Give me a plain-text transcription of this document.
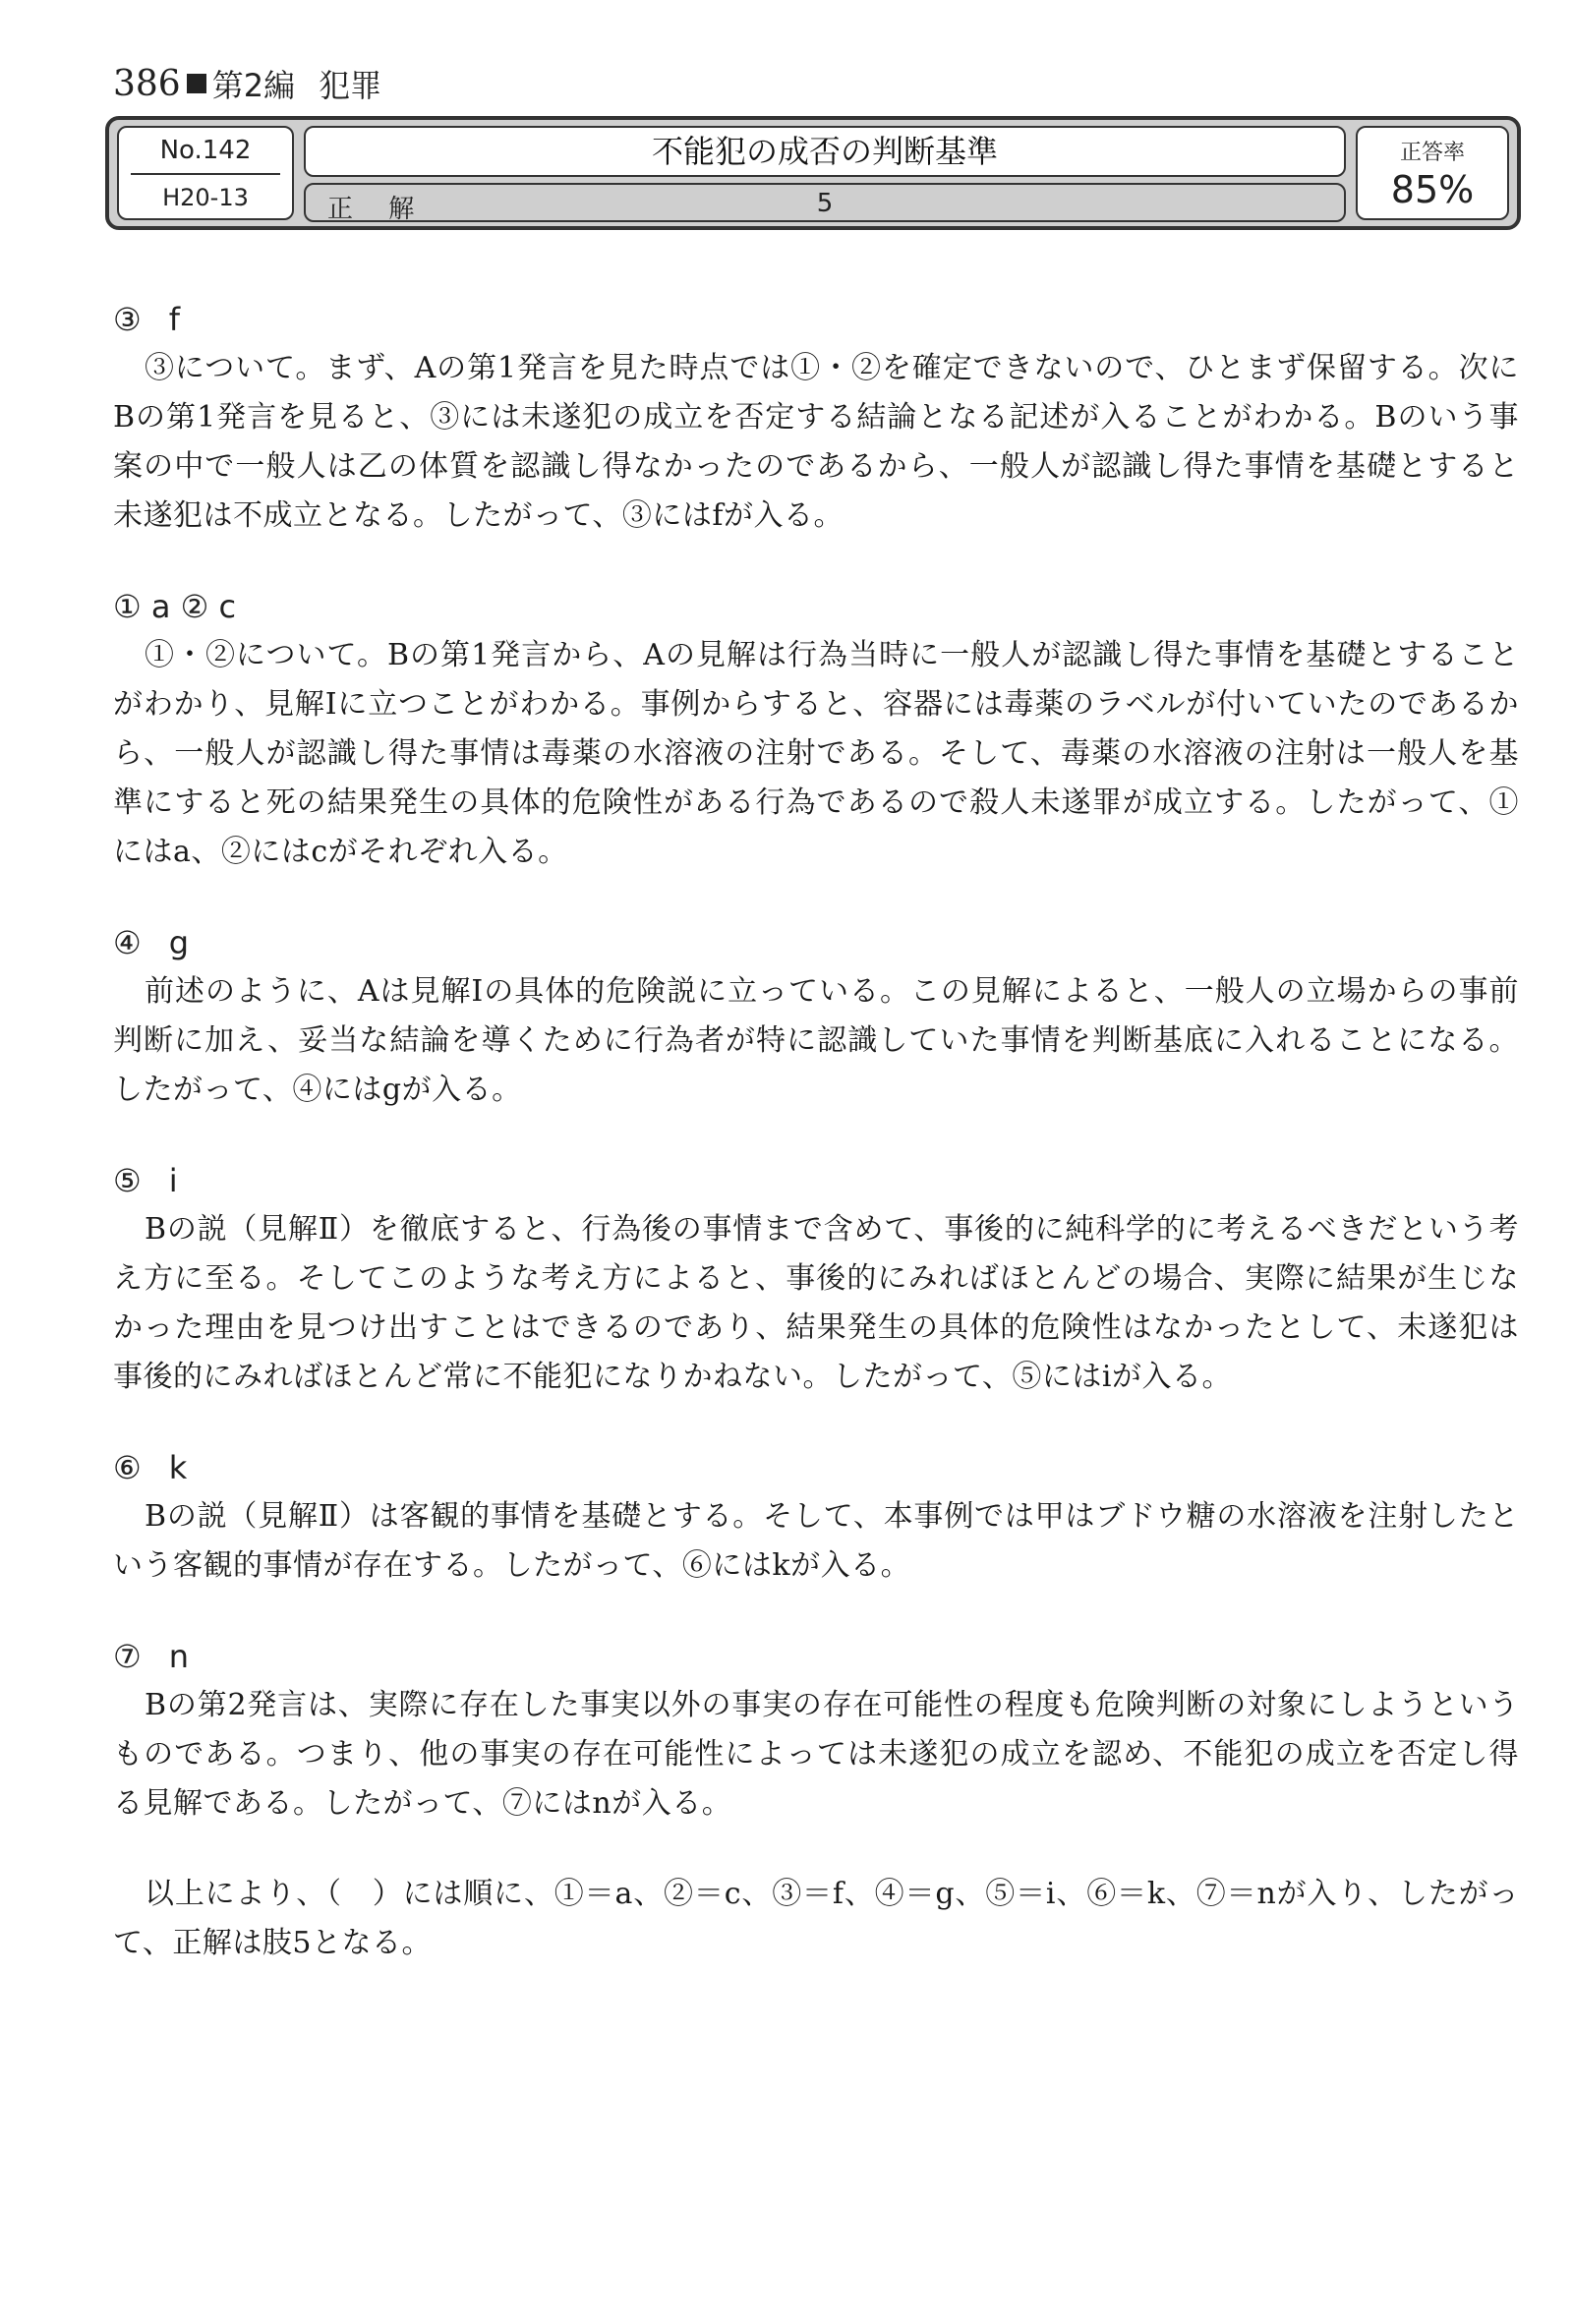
386 第2編 犯罪
No.142
H20-13
不能犯の成否の判断基準
正 解	5
正答率
85%
③ f

③について。まず、Aの第1発言を見た時点では①・②を確定できないので、ひとまず保留する。次にBの第1発言を見ると、③には未遂犯の成立を否定する結論となる記述が入ることがわかる。Bのいう事案の中で一般人は乙の体質を認識し得なかったのであるから、一般人が認識し得た事情を基礎とすると未遂犯は不成立となる。したがって、③にはfが入る。

① a ② c

①・②について。Bの第1発言から、Aの見解は行為当時に一般人が認識し得た事情を基礎とすることがわかり、見解Ⅰに立つことがわかる。事例からすると、容器には毒薬のラベルが付いていたのであるから、一般人が認識し得た事情は毒薬の水溶液の注射である。そして、毒薬の水溶液の注射は一般人を基準にすると死の結果発生の具体的危険性がある行為であるので殺人未遂罪が成立する。したがって、①にはa、②にはcがそれぞれ入る。

④ g

前述のように、Aは見解Ⅰの具体的危険説に立っている。この見解によると、一般人の立場からの事前判断に加え、妥当な結論を導くために行為者が特に認識していた事情を判断基底に入れることになる。したがって、④にはgが入る。

⑤ i

Bの説（見解Ⅱ）を徹底すると、行為後の事情まで含めて、事後的に純科学的に考えるべきだという考え方に至る。そしてこのような考え方によると、事後的にみればほとんどの場合、実際に結果が生じなかった理由を見つけ出すことはできるのであり、結果発生の具体的危険性はなかったとして、未遂犯は事後的にみればほとんど常に不能犯になりかねない。したがって、⑤にはiが入る。

⑥ k

Bの説（見解Ⅱ）は客観的事情を基礎とする。そして、本事例では甲はブドウ糖の水溶液を注射したという客観的事情が存在する。したがって、⑥にはkが入る。

⑦ n

Bの第2発言は、実際に存在した事実以外の事実の存在可能性の程度も危険判断の対象にしようというものである。つまり、他の事実の存在可能性によっては未遂犯の成立を認め、不能犯の成立を否定し得る見解である。したがって、⑦にはnが入る。

以上により、（　）には順に、①＝a、②＝c、③＝f、④＝g、⑤＝i、⑥＝k、⑦＝nが入り、したがって、正解は肢5となる。
